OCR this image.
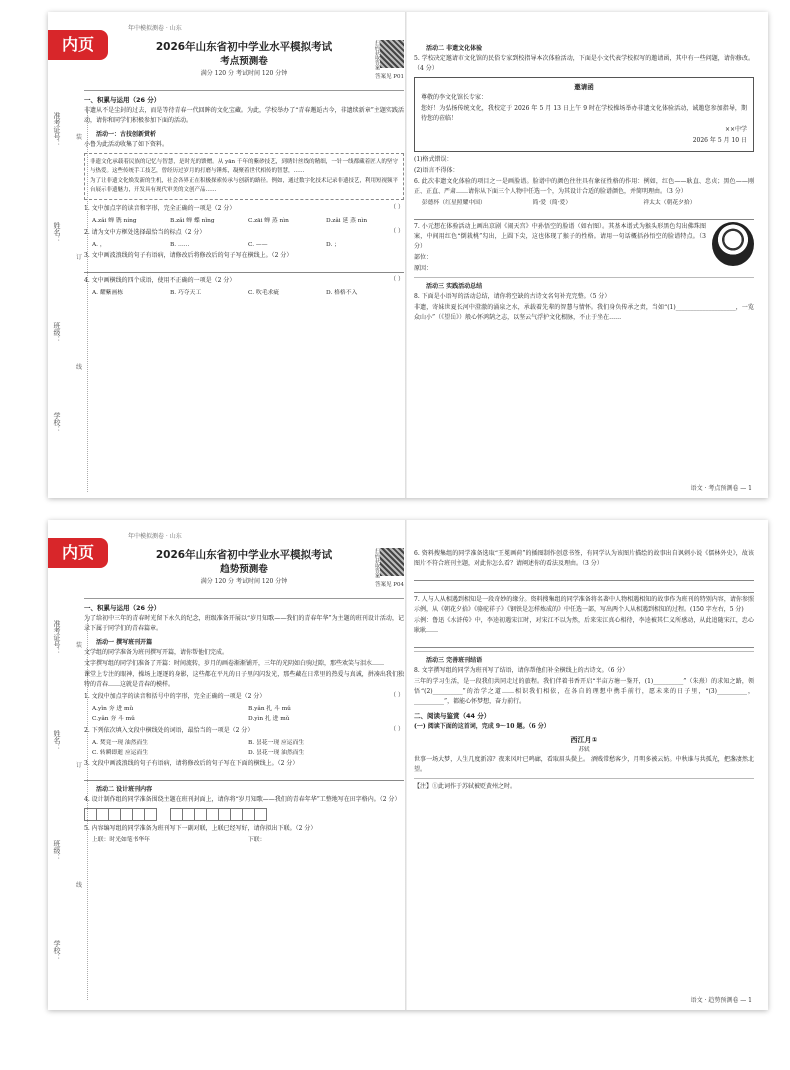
内页
年中模拟测卷 · 山东
准考证号：
姓名：
班级：
学校：
装
订
线
2026年山东省初中学业水平模拟考试
考点预测卷
满分 120 分 考试时间 120 分钟
扫码获取答案
答案见 P01
一、积累与运用（26 分）
非遗从不是尘封的过去，而是等待青春一代回眸的文化宝藏。为此，学校举办了“青春邂逅古今，非遗续新章”主题实践活动，请你和同学们积极参加下面的活动。
活动一：古技创新赏析
小鲁为此活动收集了如下资料。
非遗文化承载着民族的记忆与智慧，是时光的馈赠。从 yān 千年的紫砂技艺，到绣针丝线的精细，一针一线都藏着匠人的坚守与热爱。这些传统手工技艺，曾经历过岁月的打磨与锤炼，凝聚着世代相传的智慧，……
为了让非遗文化焕发新的生机，社会各界正在积极探索传承与创新的路径。例如，通过数字化技术记录非遗技艺，利用短视频平台展示非遗魅力，开发具有现代审美的文创产品……
1. 文中加点字的读音和字形，完全正确的一项是（2 分）	（ ）
A.zǎi 蝉 镌 níng	B.zǎi 蝉 蝶 nǐng	C.zāi 蝉 蒸 nìn	D.zǎi 延 蒸 nìn
2. 请为文中方框处选择最恰当的标点（2 分）	（ ）
A. ，	B. ……	C. ——	D. ；
3. 文中画波浪线的句子有语病，请修改后将修改后的句子写在横线上。（2 分）
4. 文中画横线的四个成语，使用不正确的一项是（2 分）	（ ）
A. 耀紫画栋	B. 巧夺天工	C. 吹毛求疵	D. 格格不入
活动二 非遗文化体验
5. 学校决定邀请市文化馆的民俗专家到校指导本次体验活动，下面是小文代表学校拟写的邀请函，其中有一些问题，请你修改。（4 分）
邀请函
尊敬的李文化馆长专家：
您好！为弘扬传统文化，我校定于 2026 年 5 月 13 日上午 9 时在学校操场举办非遗文化体验活动，诚邀您参加指导，期待您的莅临！
××中学
2026 年 5 月 10 日
(1)格式错误：
(2)语言不得体：
6. 此次非遗文化体验的项目之一是画脸谱。脸谱中的颜色往往具有象征性格的作用：例如，红色——耿直、忠贞；黑色——刚正、正直、严肃……请你从下面三个人物中任选一个，为其设计合适的脸谱颜色，并简明理由。（3 分）
彭德怀（红星照耀中国）	简·爱（简·爱）	祥太太（朝花夕拾）
7. 小元想在体验活动上画出京剧《闹天宫》中孙悟空的脸谱（如右图）。其基本谱式为猴头形黑色勾出佛珠图案，中间用红色“倒栽桃”勾出，上圆下尖，这也体现了猴子的性格。请用一句话概括孙悟空的脸谱特点。（3 分）
部位：
原因：
活动三 实践活动总结
8. 下面是小语写的活动总结，请你将空缺的古诗文名句补充完整。（5 分）
非遗，寄妹世夏长河中澄澈的涌泉之水，承载着先辈的智慧与情怀。我们身负传承之责，当如“(1)____________________，一览众山小”（《望岳》）般心怀鸿鹄之志，以坚云气浮护文化根脉，不止于坐在……
语文 · 考点预测卷 — 1
内页
年中模拟测卷 · 山东
准考证号：
姓名：
班级：
学校：
装
订
线
2026年山东省初中学业水平模拟考试
趋势预测卷
满分 120 分 考试时间 120 分钟
扫码获取答案
答案见 P04
一、积累与运用（26 分）
为了给初中三年的青春时光留下永久的纪念，班级准备开展以“岁月知歌——我们的青春年华”为主题的班刊设计活动，记录下属于同学们的青春篇章。
活动一 撰写班刊开篇
文学组的同学准备为班刊撰写开篇，请你帮他们完成。
文字撰写组的同学们准备了开篇：时间流转，岁月的画卷渐渐铺开，三年的光阴如白驹过隙，那些欢笑与泪水……
课堂上专注的眼神，操场上逐逐的身影，这些都在平凡的日子里闪闪发光，那些藏在日常里的热爱与真诚，拼凑出我们独特的青春……这就是青春的模样。
1. 文段中加点字的读音和括号中的字形，完全正确的一项是（2 分）	（ ）
A.yǐn 夯 进 mǔ	B.yǎn 扎 斗 mǔ
C.yǎn 夯 斗 mǔ	D.yìn 扎 进 mǔ
2. 下列依次填入文段中横线处的词语，最恰当的一项是（2 分）	（ ）
A. 焚竟一现 油然而生	B. 昙花一现 应运而生
C. 转瞬即逝 应运而生	D. 昙花一现 油然而生
3. 文段中画波浪线的句子有语病，请将修改后的句子写在下面的横线上。（2 分）
活动二 设计班刊内容
4. 设计制作组的同学准备围绕主题在班刊封面上，请你将“岁月知歌——我们的青春年华”工整地写在田字格内。（2 分）
5. 内容编写组的同学准备为班刊写下一副对联，上联已经写好，请你拟出下联。（2 分）
上联：时光如笔书华年	下联：
6. 资料搜集组的同学准备选取“王冕画荷”的插图制作创意书签，有同学认为该图片描绘的故事出自讽刺小说《儒林外史》，故该图片不符合班刊主题，对此你怎么看？请阐述你的看法及理由。（3 分）
7. 人与人从相遇到相知是一段奇妙的缘分。资料搜集组的同学准备将名著中人物相遇相知的故事作为班刊的特别内容，请你参照示例，从《朝花夕拾》《骆驼祥子》《钢铁是怎样炼成的》中任选一部，写出两个人从相遇到相知的过程。(150 字左右，5 分)
示例：鲁迅《水浒传》中，李逵初遇宋江时，对宋江不以为然，后来宋江真心相待，李逵被其仁义所感动，从此追随宋江，忠心耿耿……
活动三 完善班刊结语
8. 文字撰写组的同学为班刊写了结语，请你帮他们补全横线上的古诗文。（6 分）
三年的学习生活，是一段我们共同走过的旅程。我们伴着书香开启“半亩方塘一鉴开，(1)__________”（朱熹）的求知之路，领悟“(2)__________”的治学之道……相识我们相依，在各自的理想中携手前行，愿未来的日子里，“(3)__________，__________”，都能心怀梦想，奋力前行。
二、阅读与鉴赏（44 分）
(一) 阅读下面的这首词，完成 9～10 题。（6 分）
西江月①
苏轼
世事一场大梦，人生几度新凉？夜来风叶已鸣廊，看取眉头鬓上。 酒贱常愁客少，月明多被云妨。中秋谁与共孤光，把盏凄然北望。
【注】①此词作于苏轼被贬黄州之时。
语文 · 趋势预测卷 — 1
